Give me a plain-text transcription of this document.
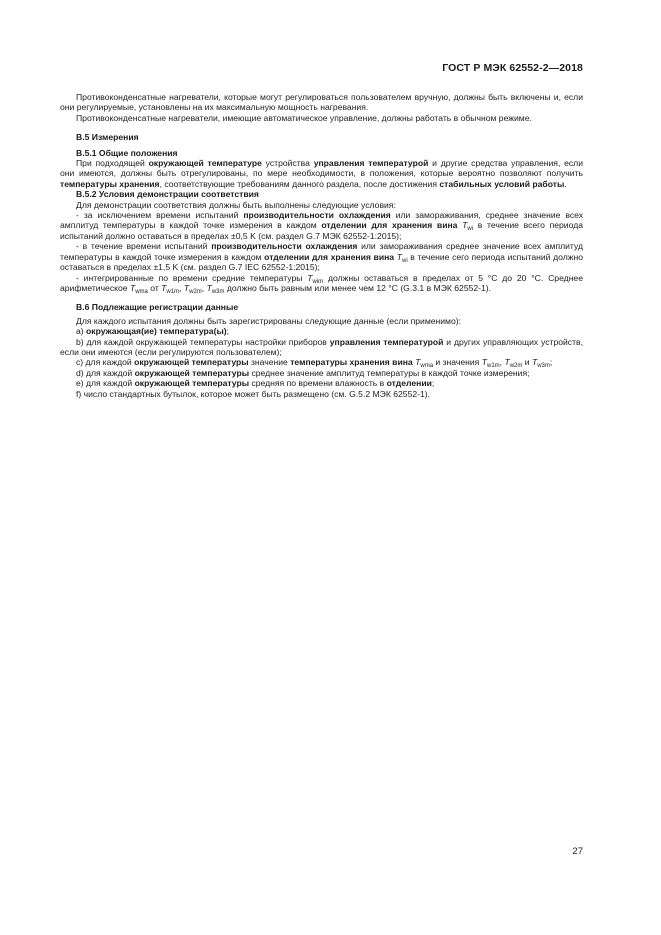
ГОСТ Р МЭК 62552-2—2018

Противоконденсатные нагреватели, которые могут регулироваться пользователем вручную, должны быть включены и, если они регулируемые, установлены на их максимальную мощность нагревания.

Противоконденсатные нагреватели, имеющие автоматическое управление, должны работать в обычном режиме.

B.5 Измерения

B.5.1 Общие положения

При подходящей окружающей температуре устройства управления температурой и другие средства управления, если они имеются, должны быть отрегулированы, по мере необходимости, в положения, которые вероятно позволяют получить температуры хранения, соответствующие требованиям данного раздела, после достижения стабильных условий работы.

B.5.2 Условия демонстрации соответствия

Для демонстрации соответствия должны быть выполнены следующие условия:

- за исключением времени испытаний производительности охлаждения или замораживания, среднее значение всех амплитуд температуры в каждой точке измерения в каждом отделении для хранения вина $T_{wi}$ в течение всего периода испытаний должно оставаться в пределах ±0,5 K (см. раздел G.7 МЭК 62552-1:2015);

- в течение времени испытаний производительности охлаждения или замораживания среднее значение всех амплитуд температуры в каждой точке измерения в каждом отделении для хранения вина $T_{wi}$ в течение сего периода испытаний должно оставаться в пределах ±1,5 K (см. раздел G.7 IEC 62552-1:2015);

- интегрированные по времени средние температуры $T_{wim}$ должны оставаться в пределах от 5 °C до 20 °C. Среднее арифметическое $T_{wma}$ от $T_{w1m}$, $T_{w2m}$, $T_{w3m}$ должно быть равным или менее чем 12 °C (G.3.1 в МЭК 62552-1).

B.6 Подлежащие регистрации данные

Для каждого испытания должны быть зарегистрированы следующие данные (если применимо):

a) окружающая(ие) температура(ы);

b) для каждой окружающей температуры настройки приборов управления температурой и других управляющих устройств, если они имеются (если регулируются пользователем);

c) для каждой окружающей температуры значение температуры хранения вина $T_{wma}$ и значения $T_{w1m}$, $T_{w2m}$ и $T_{w3m}$;

d) для каждой окружающей температуры среднее значение амплитуд температуры в каждой точке измерения;

e) для каждой окружающей температуры средняя по времени влажность в отделении;

f) число стандартных бутылок, которое может быть размещено (см. G.5.2 МЭК 62552-1).

27
